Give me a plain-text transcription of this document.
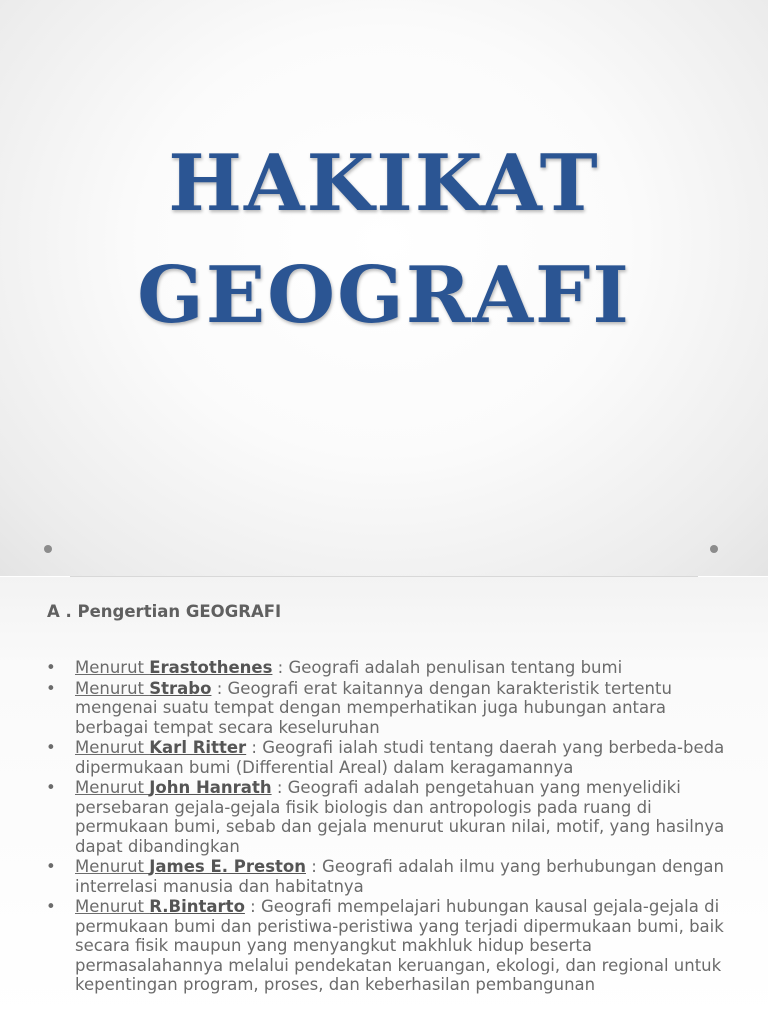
HAKIKAT
GEOGRAFI
A . Pengertian GEOGRAFI
• Menurut Erastothenes : Geografi adalah penulisan tentang bumi
• Menurut Strabo : Geografi erat kaitannya dengan karakteristik tertentu mengenai suatu tempat dengan memperhatikan juga hubungan antara berbagai tempat secara keseluruhan
• Menurut Karl Ritter : Geografi ialah studi tentang daerah yang berbeda-beda dipermukaan bumi (Differential Areal) dalam keragamannya
• Menurut John Hanrath : Geografi adalah pengetahuan yang menyelidiki persebaran gejala-gejala fisik biologis dan antropologis pada ruang di permukaan bumi, sebab dan gejala menurut ukuran nilai, motif, yang hasilnya dapat dibandingkan
• Menurut James E. Preston : Geografi adalah ilmu yang berhubungan dengan interrelasi manusia dan habitatnya
• Menurut R.Bintarto : Geografi mempelajari hubungan kausal gejala-gejala di permukaan bumi dan peristiwa-peristiwa yang terjadi dipermukaan bumi, baik secara fisik maupun yang menyangkut makhluk hidup beserta permasalahannya melalui pendekatan keruangan, ekologi, dan regional untuk kepentingan program, proses, dan keberhasilan pembangunan
